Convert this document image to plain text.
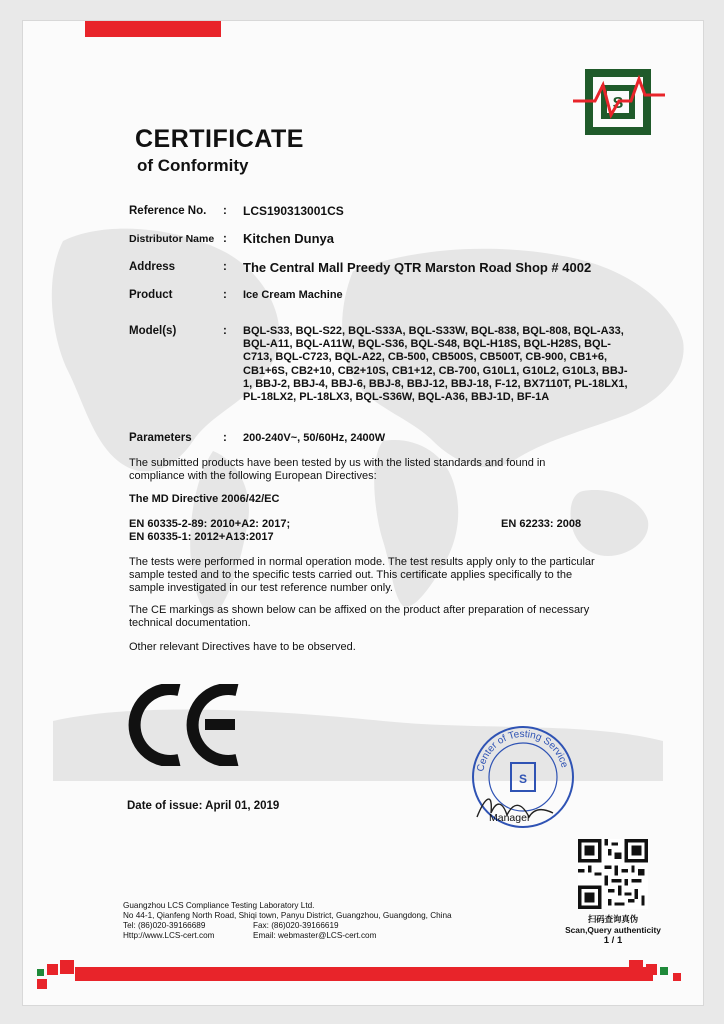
S
CERTIFICATE
of Conformity
Reference No. : LCS190313001CS
Distributor Name : Kitchen Dunya
Address	: The Central Mall Preedy QTR Marston Road Shop # 4002
Product	: Ice Cream Machine
Model(s)	: BQL-S33, BQL-S22, BQL-S33A, BQL-S33W, BQL-838, BQL-808, BQL-A33, BQL-A11, BQL-A11W, BQL-S36, BQL-S48, BQL-H18S, BQL-H28S, BQL-C713, BQL-C723, BQL-A22, CB-500, CB500S, CB500T, CB-900, CB1+6, CB1+6S, CB2+10, CB2+10S, CB1+12, CB-700, G10L1, G10L2, G10L3, BBJ-1, BBJ-2, BBJ-4, BBJ-6, BBJ-8, BBJ-12, BBJ-18, F-12, BX7110T, PL-18LX1, PL-18LX2, PL-18LX3, BQL-S36W, BQL-A36, BBJ-1D, BF-1A
Parameters	: 200-240V~, 50/60Hz, 2400W
The submitted products have been tested by us with the listed standards and found in compliance with the following European Directives:
The MD Directive 2006/42/EC
EN 60335-2-89: 2010+A2: 2017;
EN 60335-1: 2012+A13:2017
EN 62233: 2008
The tests were performed in normal operation mode. The test results apply only to the particular sample tested and to the specific tests carried out. This certificate applies specifically to the sample investigated in our test reference number only.
The CE markings as shown below can be affixed on the product after preparation of necessary technical documentation.
Other relevant Directives have to be observed.
Center of Testing Service
S
Manager
Date of issue: April 01, 2019
扫码查询真伪
Scan,Query authenticity
1 / 1
Guangzhou LCS Compliance Testing Laboratory Ltd.
No 44-1, Qianfeng North Road, Shiqi town, Panyu District, Guangzhou, Guangdong, China
Tel: (86)020-39166689	Fax: (86)020-39166619
Http://www.LCS-cert.com	Email: webmaster@LCS-cert.com
